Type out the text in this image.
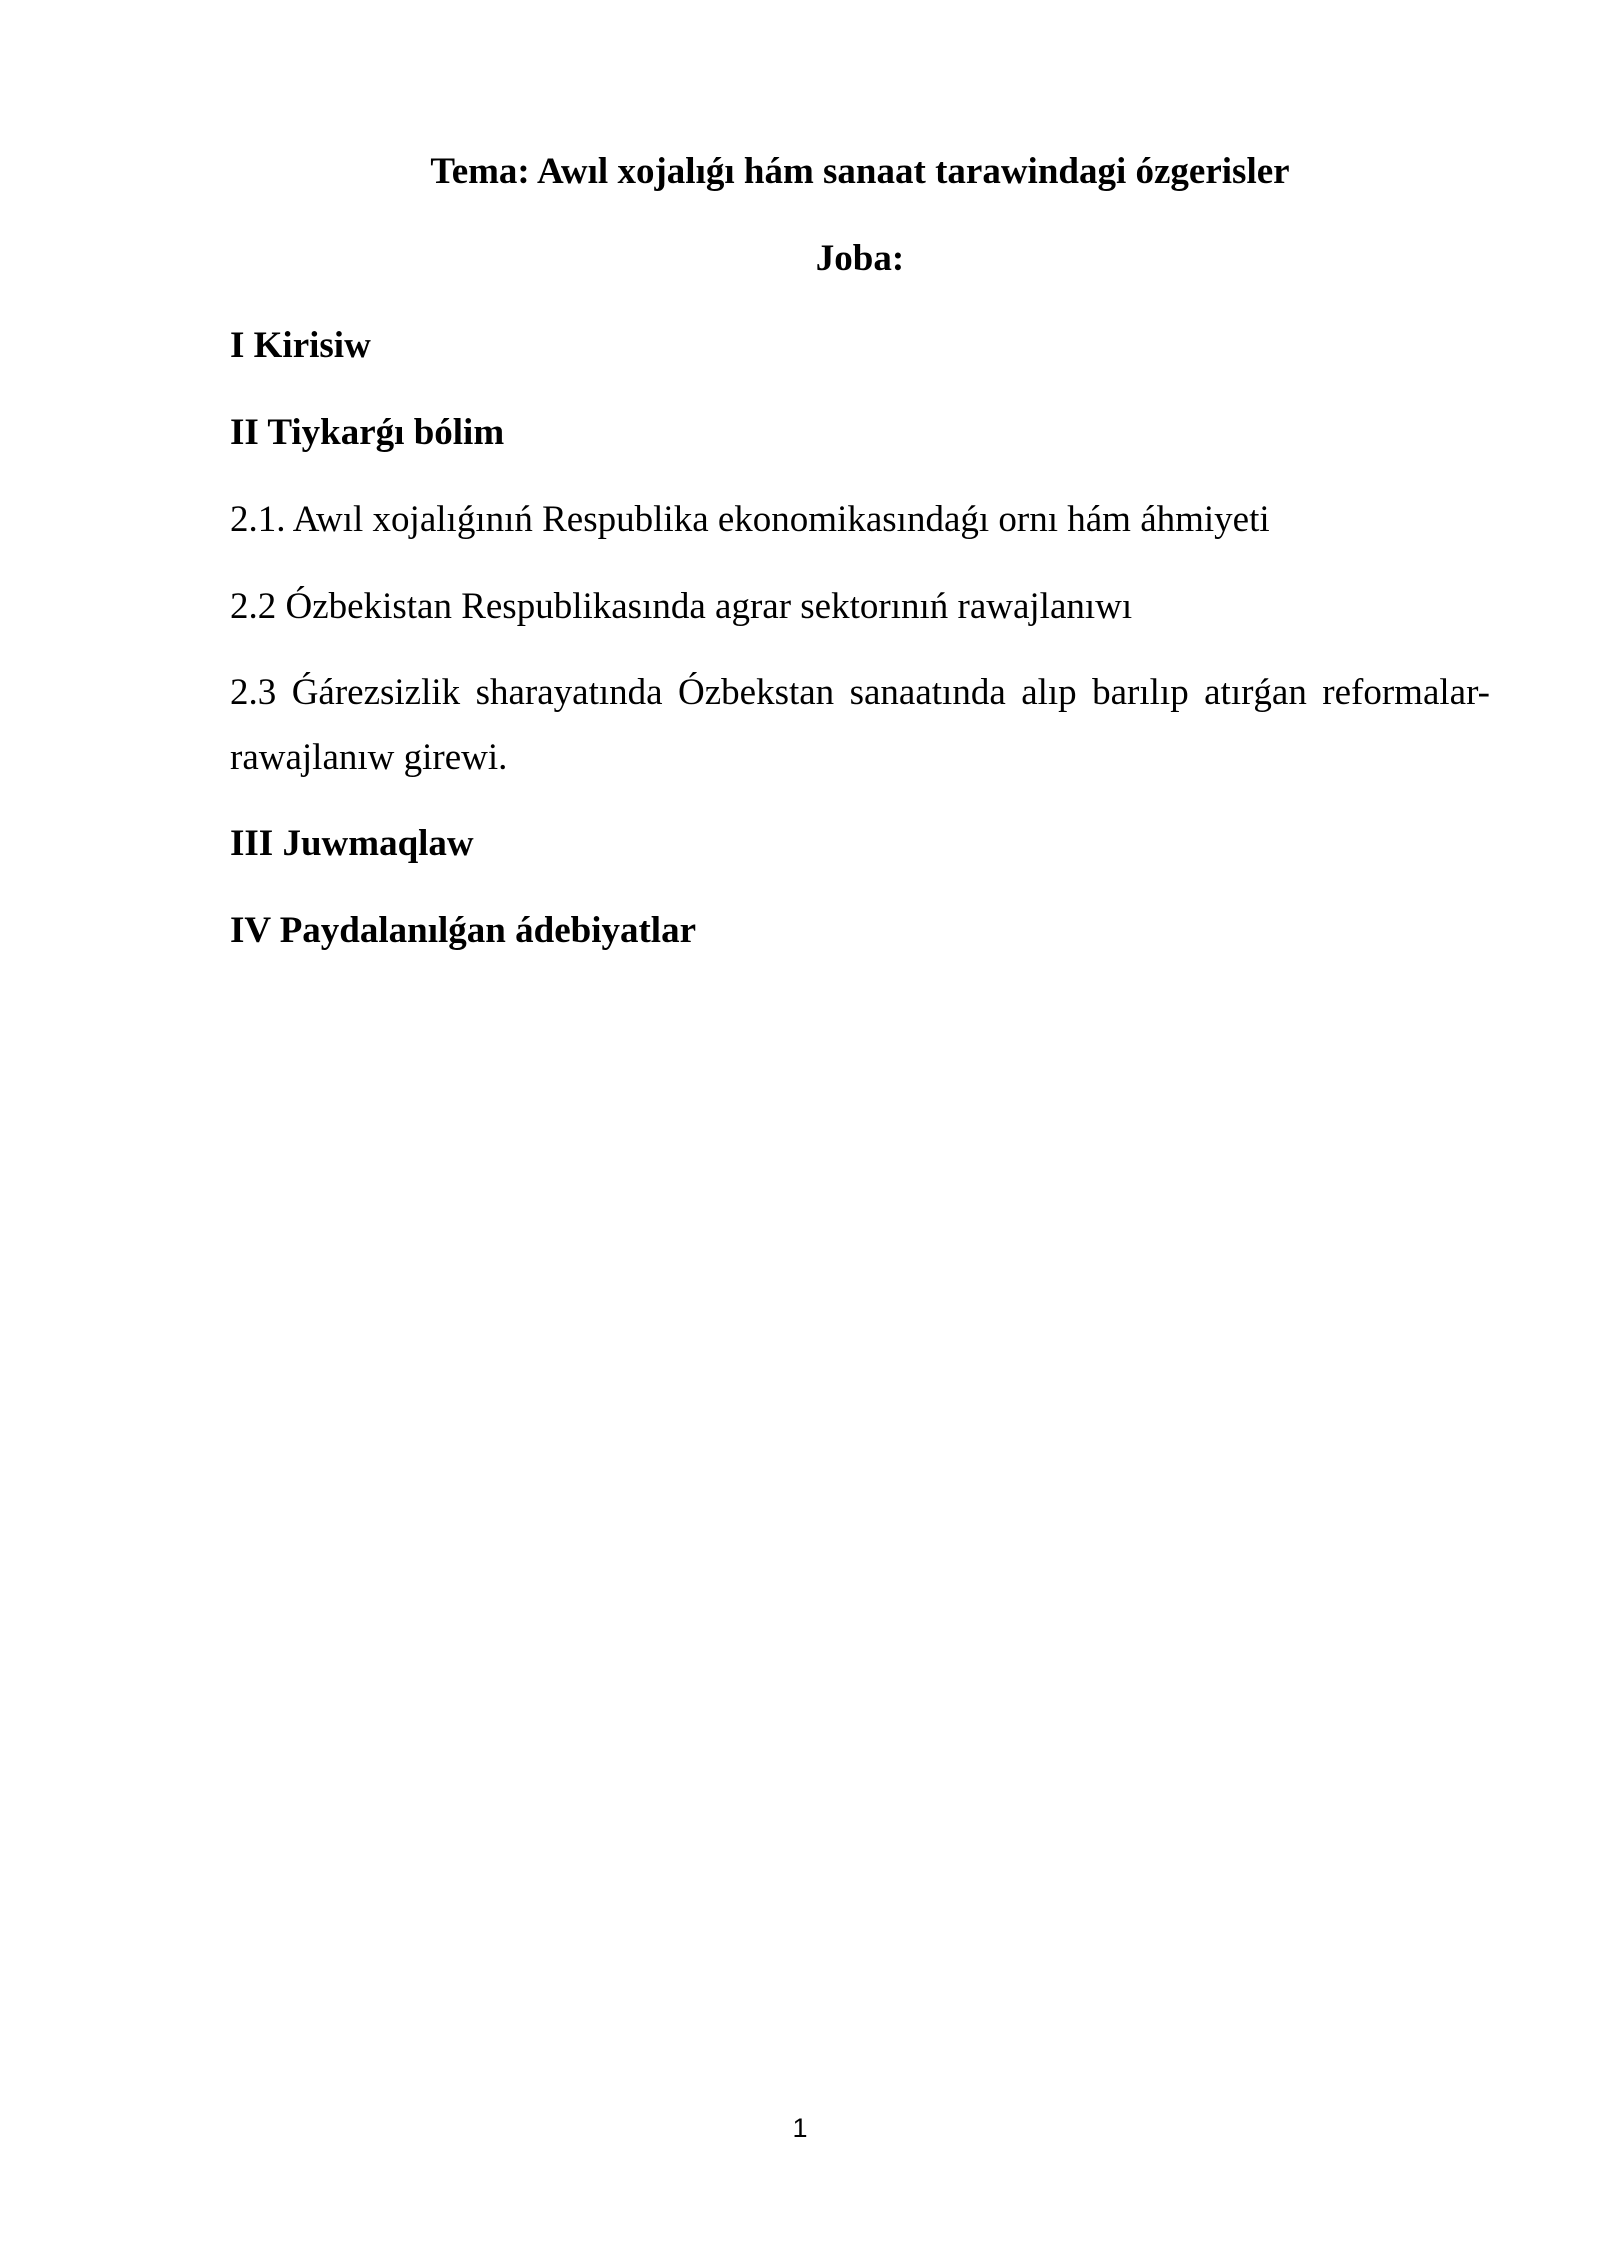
Tema: Awıl xojalıǵı hám sanaat tarawindagi ózgerisler
Joba:

I Kirisiw

II Tiykarǵı bólim

2.1. Awıl xojalıǵınıń Respublika ekonomikasındaǵı ornı hám áhmiyeti

2.2 Ózbekistan Respublikasında agrar sektorınıń rawajlanıwı

2.3 Ǵárezsizlik sharayatında Ózbekstan sanaatında alıp barılıp atırǵan reformalar-rawajlanıw girewi.

III Juwmaqlaw

IV Paydalanılǵan ádebiyatlar

1
